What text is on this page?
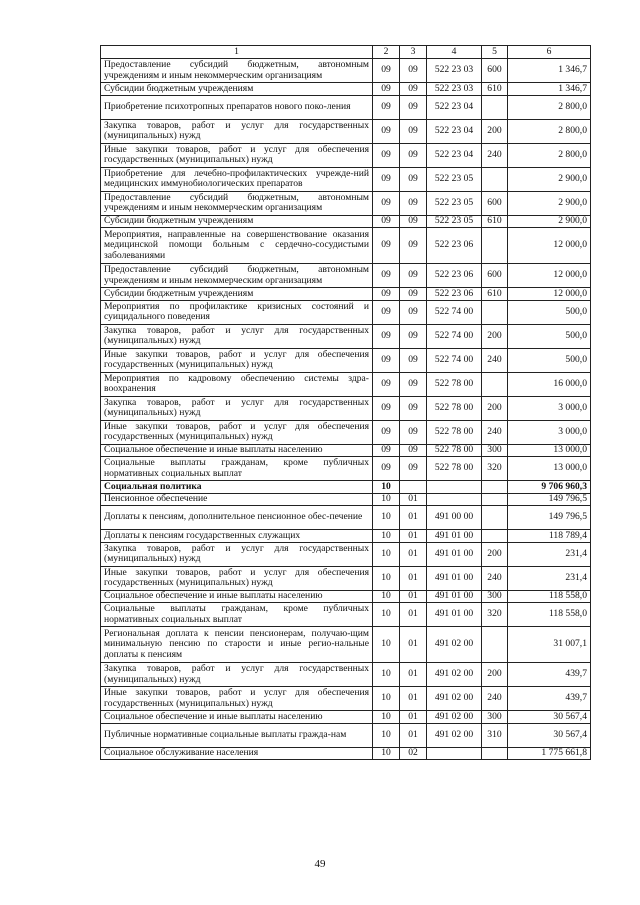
1	2	3	4	5	6
Предоставление субсидий бюджетным, автономным учреждениям и иным некоммерческим организациям	09	09	522 23 03	600	1 346,7
Субсидии бюджетным учреждениям	09	09	522 23 03	610	1 346,7
Приобретение психотропных препаратов нового поко-ления	09	09	522 23 04		2 800,0
Закупка товаров, работ и услуг для государственных (муниципальных) нужд	09	09	522 23 04	200	2 800,0
Иные закупки товаров, работ и услуг для обеспечения государственных (муниципальных) нужд	09	09	522 23 04	240	2 800,0
Приобретение для лечебно-профилактических учрежде-ний медицинских иммунобиологических препаратов	09	09	522 23 05		2 900,0
Предоставление субсидий бюджетным, автономным учреждениям и иным некоммерческим организациям	09	09	522 23 05	600	2 900,0
Субсидии бюджетным учреждениям	09	09	522 23 05	610	2 900,0
Мероприятия, направленные на совершенствование оказания медицинской помощи больным с сердечно-сосудистыми заболеваниями	09	09	522 23 06		12 000,0
Предоставление субсидий бюджетным, автономным учреждениям и иным некоммерческим организациям	09	09	522 23 06	600	12 000,0
Субсидии бюджетным учреждениям	09	09	522 23 06	610	12 000,0
Мероприятия по профилактике кризисных состояний и суицидального поведения	09	09	522 74 00		500,0
Закупка товаров, работ и услуг для государственных (муниципальных) нужд	09	09	522 74 00	200	500,0
Иные закупки товаров, работ и услуг для обеспечения государственных (муниципальных) нужд	09	09	522 74 00	240	500,0
Мероприятия по кадровому обеспечению системы здра-воохранения	09	09	522 78 00		16 000,0
Закупка товаров, работ и услуг для государственных (муниципальных) нужд	09	09	522 78 00	200	3 000,0
Иные закупки товаров, работ и услуг для обеспечения государственных (муниципальных) нужд	09	09	522 78 00	240	3 000,0
Социальное обеспечение и иные выплаты населению	09	09	522 78 00	300	13 000,0
Социальные выплаты гражданам, кроме публичных нормативных социальных выплат	09	09	522 78 00	320	13 000,0
Социальная политика	10				9 706 960,3
Пенсионное обеспечение	10	01			149 796,5
Доплаты к пенсиям, дополнительное пенсионное обес-печение	10	01	491 00 00		149 796,5
Доплаты к пенсиям государственных служащих	10	01	491 01 00		118 789,4
Закупка товаров, работ и услуг для государственных (муниципальных) нужд	10	01	491 01 00	200	231,4
Иные закупки товаров, работ и услуг для обеспечения государственных (муниципальных) нужд	10	01	491 01 00	240	231,4
Социальное обеспечение и иные выплаты населению	10	01	491 01 00	300	118 558,0
Социальные выплаты гражданам, кроме публичных нормативных социальных выплат	10	01	491 01 00	320	118 558,0
Региональная доплата к пенсии пенсионерам, получаю-щим минимальную пенсию по старости и иные регио-нальные доплаты к пенсиям	10	01	491 02 00		31 007,1
Закупка товаров, работ и услуг для государственных (муниципальных) нужд	10	01	491 02 00	200	439,7
Иные закупки товаров, работ и услуг для обеспечения государственных (муниципальных) нужд	10	01	491 02 00	240	439,7
Социальное обеспечение и иные выплаты населению	10	01	491 02 00	300	30 567,4
Публичные нормативные социальные выплаты гражда-нам	10	01	491 02 00	310	30 567,4
Социальное обслуживание населения	10	02			1 775 661,8
49
